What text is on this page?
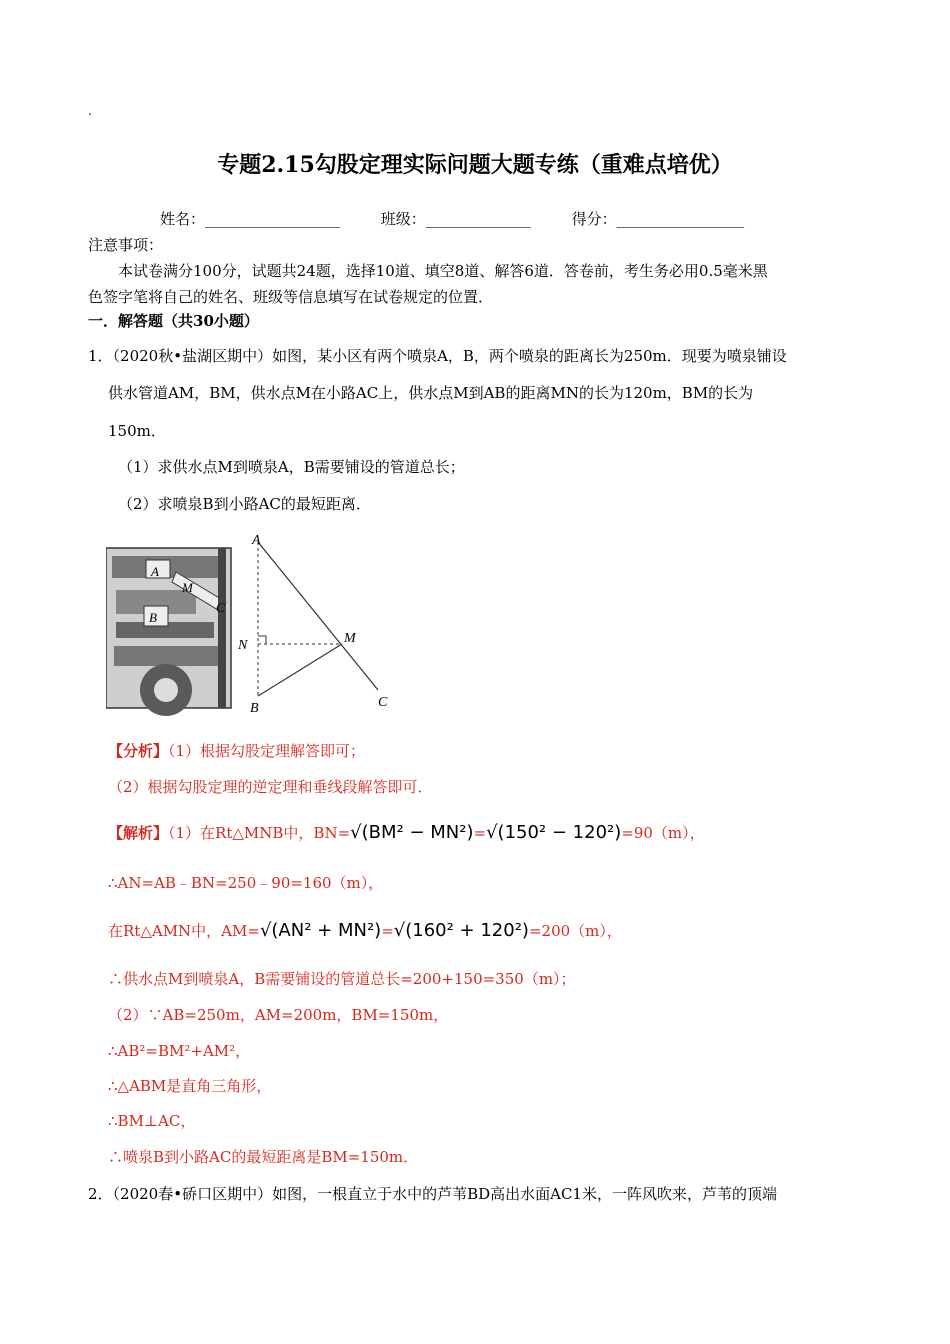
.
专题2.15勾股定理实际问题大题专练（重难点培优）
姓名：__________________	班级：______________	得分：_________________
注意事项：
本试卷满分100分，试题共24题，选择10道、填空8道、解答6道．答卷前，考生务必用0.5毫米黑
色签字笔将自己的姓名、班级等信息填写在试卷规定的位置．
一．解答题（共30小题）
1．（2020秋•盐湖区期中）如图，某小区有两个喷泉A，B，两个喷泉的距离长为250m．现要为喷泉铺设
供水管道AM，BM，供水点M在小路AC上，供水点M到AB的距离MN的长为120m，BM的长为
150m．
（1）求供水点M到喷泉A，B需要铺设的管道总长；
（2）求喷泉B到小路AC的最短距离．
A
M
B
C
A
N	M
B	C
【分析】（1）根据勾股定理解答即可；
（2）根据勾股定理的逆定理和垂线段解答即可．
【解析】（1）在Rt△MNB中，BN=√(BM² − MN²)=√(150² − 120²)=90（m），
∴AN=AB﹣BN=250﹣90=160（m），
在Rt△AMN中，AM=√(AN² + MN²)=√(160² + 120²)=200（m），
∴供水点M到喷泉A，B需要铺设的管道总长=200+150=350（m）；
（2）∵AB=250m，AM=200m，BM=150m，
∴AB²=BM²+AM²，
∴△ABM是直角三角形，
∴BM⊥AC，
∴喷泉B到小路AC的最短距离是BM=150m．
2．（2020春•硚口区期中）如图，一根直立于水中的芦苇BD高出水面AC1米，一阵风吹来，芦苇的顶端
